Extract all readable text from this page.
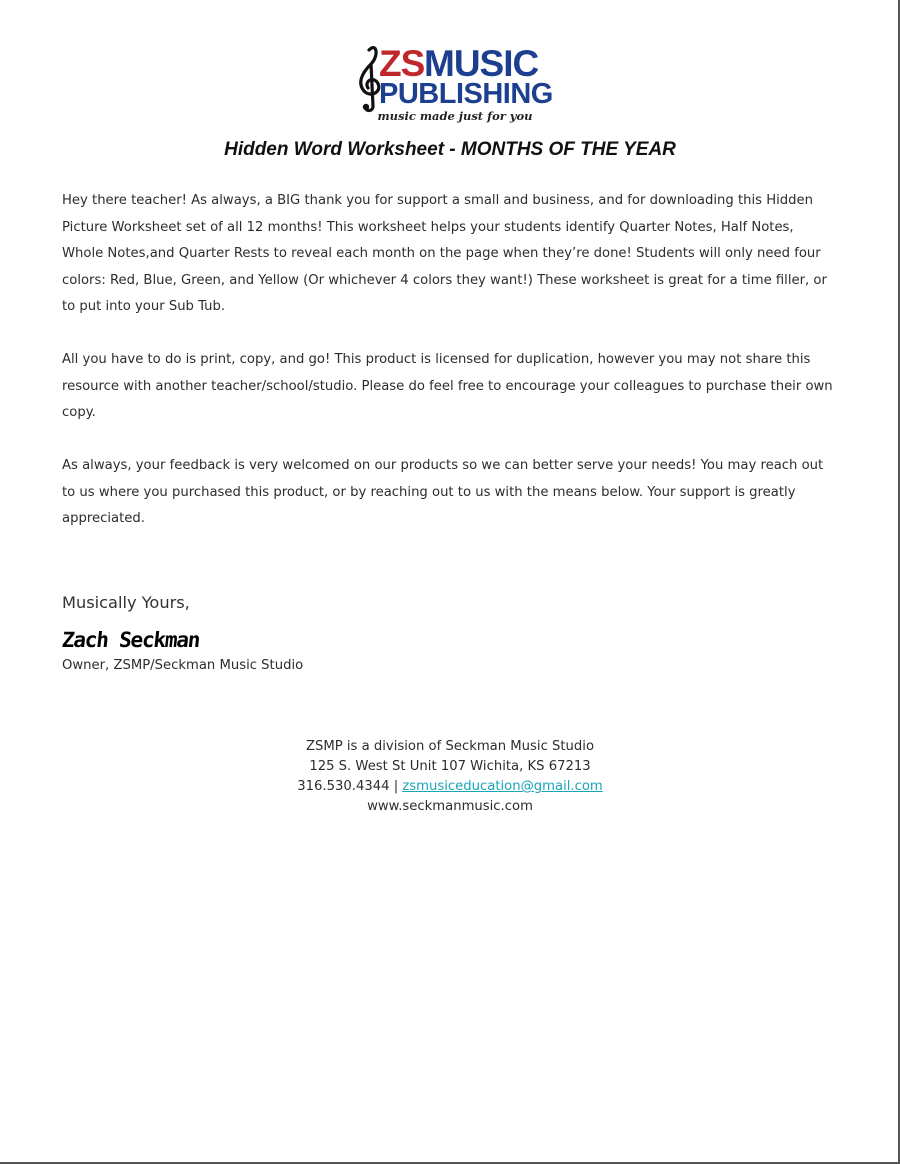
ZS MUSIC
PUBLISHING
music made just for you
Hidden Word Worksheet - MONTHS OF THE YEAR
Hey there teacher! As always, a BIG thank you for support a small and business, and for downloading this Hidden Picture Worksheet set of all 12 months! This worksheet helps your students identify Quarter Notes, Half Notes, Whole Notes,and Quarter Rests to reveal each month on the page when they’re done! Students will only need four colors: Red, Blue, Green, and Yellow (Or whichever 4 colors they want!) These worksheet is great for a time filler, or to put into your Sub Tub.
All you have to do is print, copy, and go! This product is licensed for duplication, however you may not share this resource with another teacher/school/studio. Please do feel free to encourage your colleagues to purchase their own copy.
As always, your feedback is very welcomed on our products so we can better serve your needs! You may reach out to us where you purchased this product, or by reaching out to us with the means below. Your support is greatly appreciated.
Musically Yours,
Zach Seckman
Owner, ZSMP/Seckman Music Studio
ZSMP is a division of Seckman Music Studio
125 S. West St Unit 107 Wichita, KS 67213
316.530.4344 | zsmusiceducation@gmail.com
www.seckmanmusic.com
